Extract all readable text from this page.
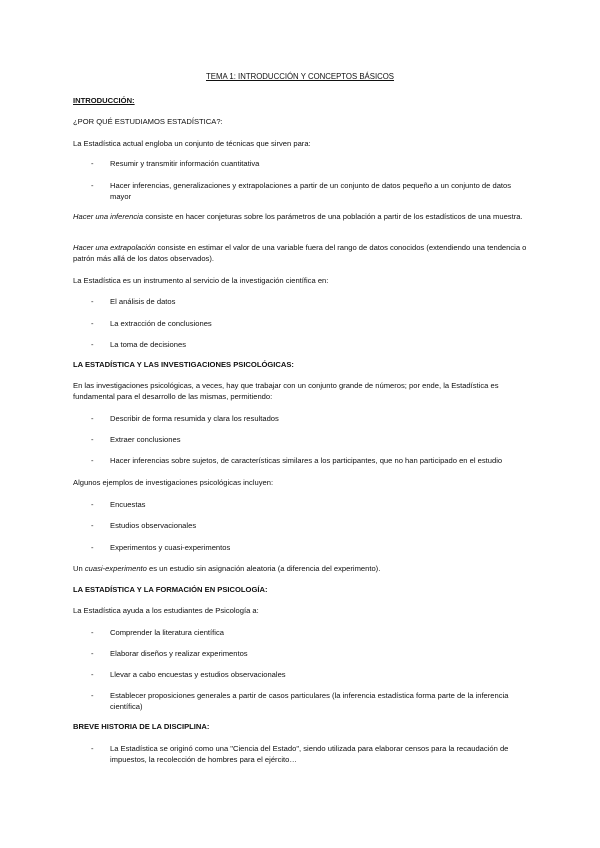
TEMA 1: INTRODUCCIÓN Y CONCEPTOS BÁSICOS
INTRODUCCIÓN:
¿POR QUÉ ESTUDIAMOS ESTADÍSTICA?:
La Estadística actual engloba un conjunto de técnicas que sirven para:
- Resumir y transmitir información cuantitativa
- Hacer inferencias, generalizaciones y extrapolaciones a partir de un conjunto de datos pequeño a un conjunto de datos mayor
Hacer una inferencia consiste en hacer conjeturas sobre los parámetros de una población a partir de los estadísticos de una muestra.
Hacer una extrapolación consiste en estimar el valor de una variable fuera del rango de datos conocidos (extendiendo una tendencia o patrón más allá de los datos observados).
La Estadística es un instrumento al servicio de la investigación científica en:
- El análisis de datos
- La extracción de conclusiones
- La toma de decisiones
LA ESTADÍSTICA Y LAS INVESTIGACIONES PSICOLÓGICAS:
En las investigaciones psicológicas, a veces, hay que trabajar con un conjunto grande de números; por ende, la Estadística es fundamental para el desarrollo de las mismas, permitiendo:
- Describir de forma resumida y clara los resultados
- Extraer conclusiones
- Hacer inferencias sobre sujetos, de características similares a los participantes, que no han participado en el estudio
Algunos ejemplos de investigaciones psicológicas incluyen:
- Encuestas
- Estudios observacionales
- Experimentos y cuasi-experimentos
Un cuasi-experimento es un estudio sin asignación aleatoria (a diferencia del experimento).
LA ESTADÍSTICA Y LA FORMACIÓN EN PSICOLOGÍA:
La Estadística ayuda a los estudiantes de Psicología a:
- Comprender la literatura científica
- Elaborar diseños y realizar experimentos
- Llevar a cabo encuestas y estudios observacionales
- Establecer proposiciones generales a partir de casos particulares (la inferencia estadística forma parte de la inferencia científica)
BREVE HISTORIA DE LA DISCIPLINA:
- La Estadística se originó como una "Ciencia del Estado", siendo utilizada para elaborar censos para la recaudación de impuestos, la recolección de hombres para el ejército…
